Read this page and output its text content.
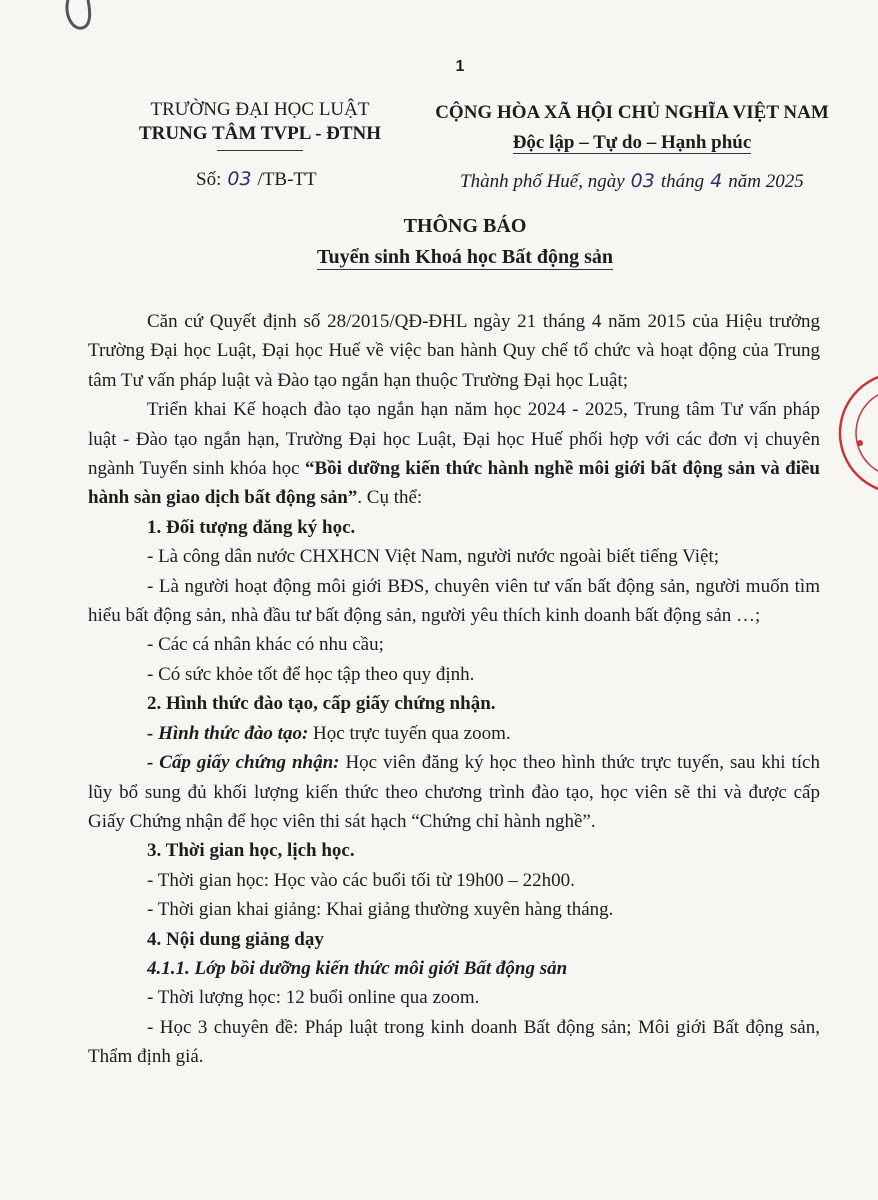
1
TRƯỜNG ĐẠI HỌC LUẬT
TRUNG TÂM TVPL - ĐTNH
CỘNG HÒA XÃ HỘI CHỦ NGHĨA VIỆT NAM
Độc lập – Tự do – Hạnh phúc
Số: 03 /TB-TT	Thành phố Huế, ngày 03 tháng 4 năm 2025
THÔNG BÁO
Tuyển sinh Khoá học Bất động sản

Căn cứ Quyết định số 28/2015/QĐ-ĐHL ngày 21 tháng 4 năm 2015 của Hiệu trưởng Trường Đại học Luật, Đại học Huế về việc ban hành Quy chế tổ chức và hoạt động của Trung tâm Tư vấn pháp luật và Đào tạo ngắn hạn thuộc Trường Đại học Luật;

Triển khai Kế hoạch đào tạo ngắn hạn năm học 2024 - 2025, Trung tâm Tư vấn pháp luật - Đào tạo ngắn hạn, Trường Đại học Luật, Đại học Huế phối hợp với các đơn vị chuyên ngành Tuyển sinh khóa học “Bồi dưỡng kiến thức hành nghề môi giới bất động sản và điều hành sàn giao dịch bất động sản”. Cụ thể:

1. Đối tượng đăng ký học.

- Là công dân nước CHXHCN Việt Nam, người nước ngoài biết tiếng Việt;

- Là người hoạt động môi giới BĐS, chuyên viên tư vấn bất động sản, người muốn tìm hiểu bất động sản, nhà đầu tư bất động sản, người yêu thích kinh doanh bất động sản …;

- Các cá nhân khác có nhu cầu;

- Có sức khỏe tốt để học tập theo quy định.

2. Hình thức đào tạo, cấp giấy chứng nhận.

- Hình thức đào tạo: Học trực tuyến qua zoom.

- Cấp giấy chứng nhận: Học viên đăng ký học theo hình thức trực tuyến, sau khi tích lũy bổ sung đủ khối lượng kiến thức theo chương trình đào tạo, học viên sẽ thi và được cấp Giấy Chứng nhận để học viên thi sát hạch “Chứng chỉ hành nghề”.

3. Thời gian học, lịch học.

- Thời gian học: Học vào các buổi tối từ 19h00 – 22h00.

- Thời gian khai giảng: Khai giảng thường xuyên hàng tháng.

4. Nội dung giảng dạy

4.1.1. Lớp bồi dưỡng kiến thức môi giới Bất động sản

- Thời lượng học: 12 buổi online qua zoom.

- Học 3 chuyên đề: Pháp luật trong kinh doanh Bất động sản; Môi giới Bất động sản, Thẩm định giá.
